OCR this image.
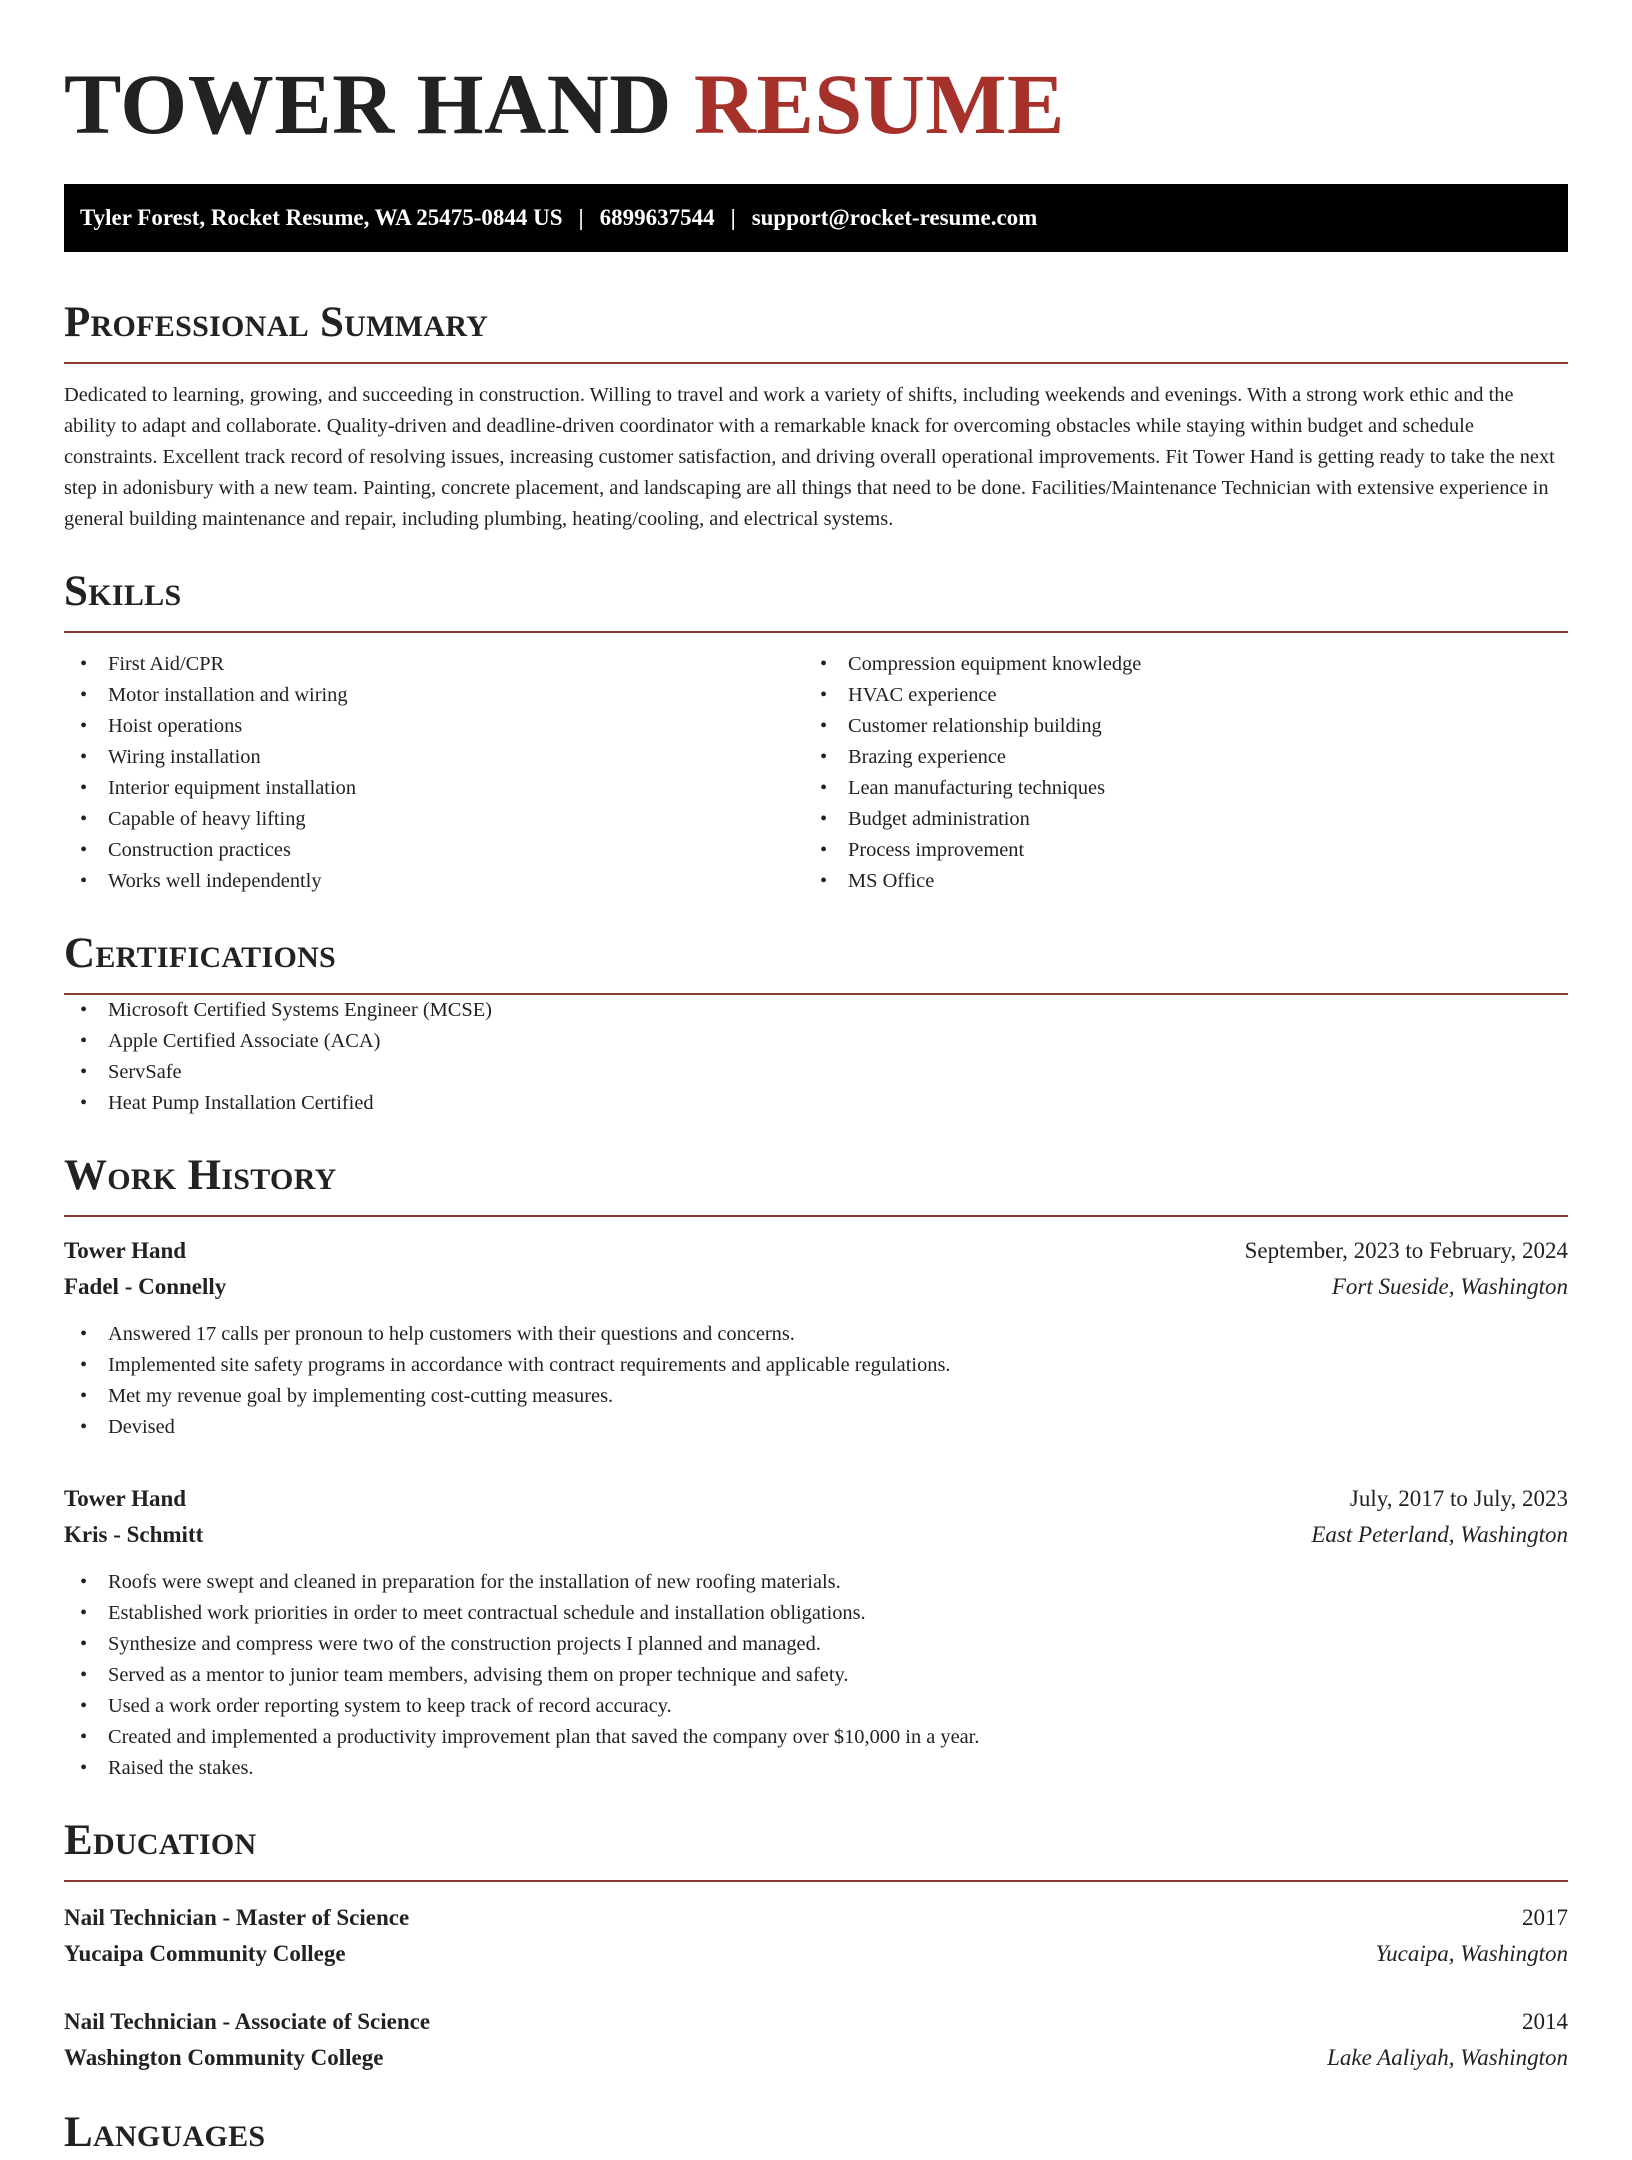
TOWER HAND RESUME
Tyler Forest, Rocket Resume, WA 25475-0844 US | 6899637544 | support@rocket-resume.com
Professional Summary

Dedicated to learning, growing, and succeeding in construction. Willing to travel and work a variety of shifts, including weekends and evenings. With a strong work ethic and the ability to adapt and collaborate. Quality-driven and deadline-driven coordinator with a remarkable knack for overcoming obstacles while staying within budget and schedule constraints. Excellent track record of resolving issues, increasing customer satisfaction, and driving overall operational improvements. Fit Tower Hand is getting ready to take the next step in adonisbury with a new team. Painting, concrete placement, and landscaping are all things that need to be done. Facilities/Maintenance Technician with extensive experience in general building maintenance and repair, including plumbing, heating/cooling, and electrical systems.

Skills
• First Aid/CPR
• Motor installation and wiring
• Hoist operations
• Wiring installation
• Interior equipment installation
• Capable of heavy lifting
• Construction practices
• Works well independently
• Compression equipment knowledge
• HVAC experience
• Customer relationship building
• Brazing experience
• Lean manufacturing techniques
• Budget administration
• Process improvement
• MS Office
Certifications
• Microsoft Certified Systems Engineer (MCSE)
• Apple Certified Associate (ACA)
• ServSafe
• Heat Pump Installation Certified
Work History
Tower Hand	September, 2023 to February, 2024
Fadel - Connelly	Fort Sueside, Washington
• Answered 17 calls per pronoun to help customers with their questions and concerns.
• Implemented site safety programs in accordance with contract requirements and applicable regulations.
• Met my revenue goal by implementing cost-cutting measures.
• Devised
Tower Hand	July, 2017 to July, 2023
Kris - Schmitt	East Peterland, Washington
• Roofs were swept and cleaned in preparation for the installation of new roofing materials.
• Established work priorities in order to meet contractual schedule and installation obligations.
• Synthesize and compress were two of the construction projects I planned and managed.
• Served as a mentor to junior team members, advising them on proper technique and safety.
• Used a work order reporting system to keep track of record accuracy.
• Created and implemented a productivity improvement plan that saved the company over $10,000 in a year.
• Raised the stakes.
Education
Nail Technician - Master of Science	2017
Yucaipa Community College	Yucaipa, Washington
Nail Technician - Associate of Science	2014
Washington Community College	Lake Aaliyah, Washington
Languages
